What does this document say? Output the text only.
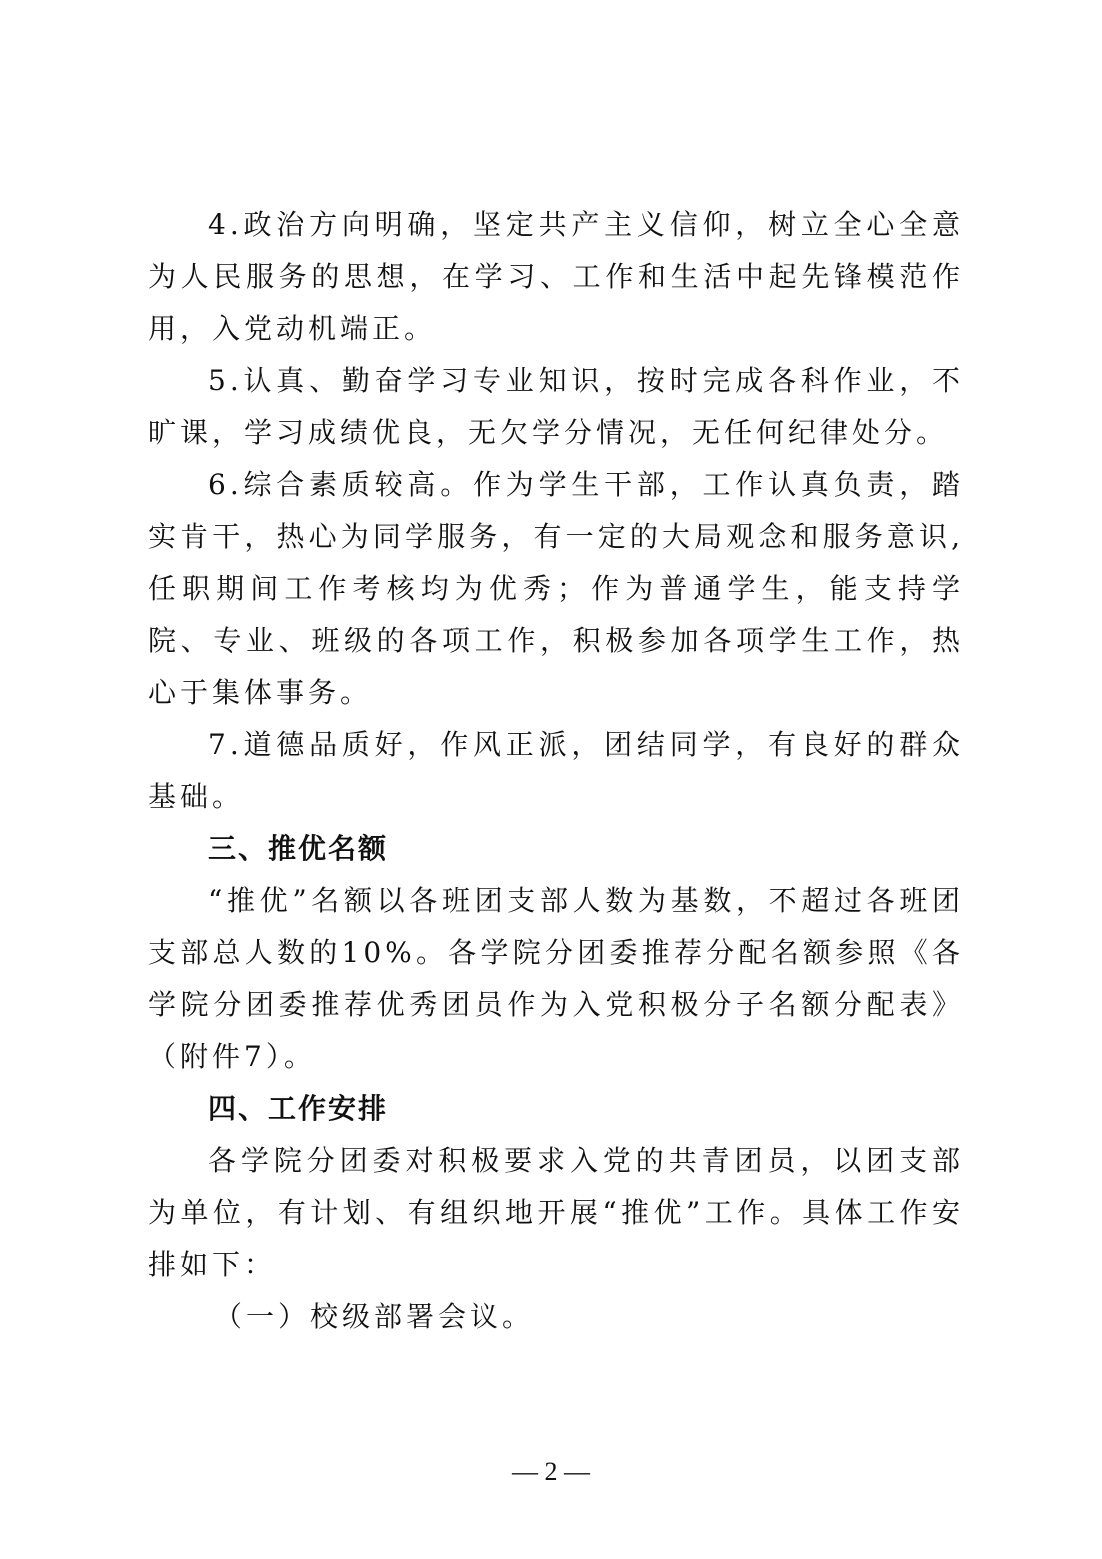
4.政治方向明确，坚定共产主义信仰，树立全心全意为人民服务的思想，在学习、工作和生活中起先锋模范作用，入党动机端正。

5.认真、勤奋学习专业知识，按时完成各科作业，不旷课，学习成绩优良，无欠学分情况，无任何纪律处分。

6.综合素质较高。作为学生干部，工作认真负责，踏实肯干，热心为同学服务，有一定的大局观念和服务意识,任职期间工作考核均为优秀；作为普通学生，能支持学院、专业、班级的各项工作，积极参加各项学生工作，热心于集体事务。

7.道德品质好，作风正派，团结同学，有良好的群众基础。

三、推优名额

“推优”名额以各班团支部人数为基数，不超过各班团支部总人数的10%。各学院分团委推荐分配名额参照《各学院分团委推荐优秀团员作为入党积极分子名额分配表》（附件7）。

四、工作安排

各学院分团委对积极要求入党的共青团员，以团支部为单位，有计划、有组织地开展“推优”工作。具体工作安排如下：

（一）校级部署会议。

— 2 —
